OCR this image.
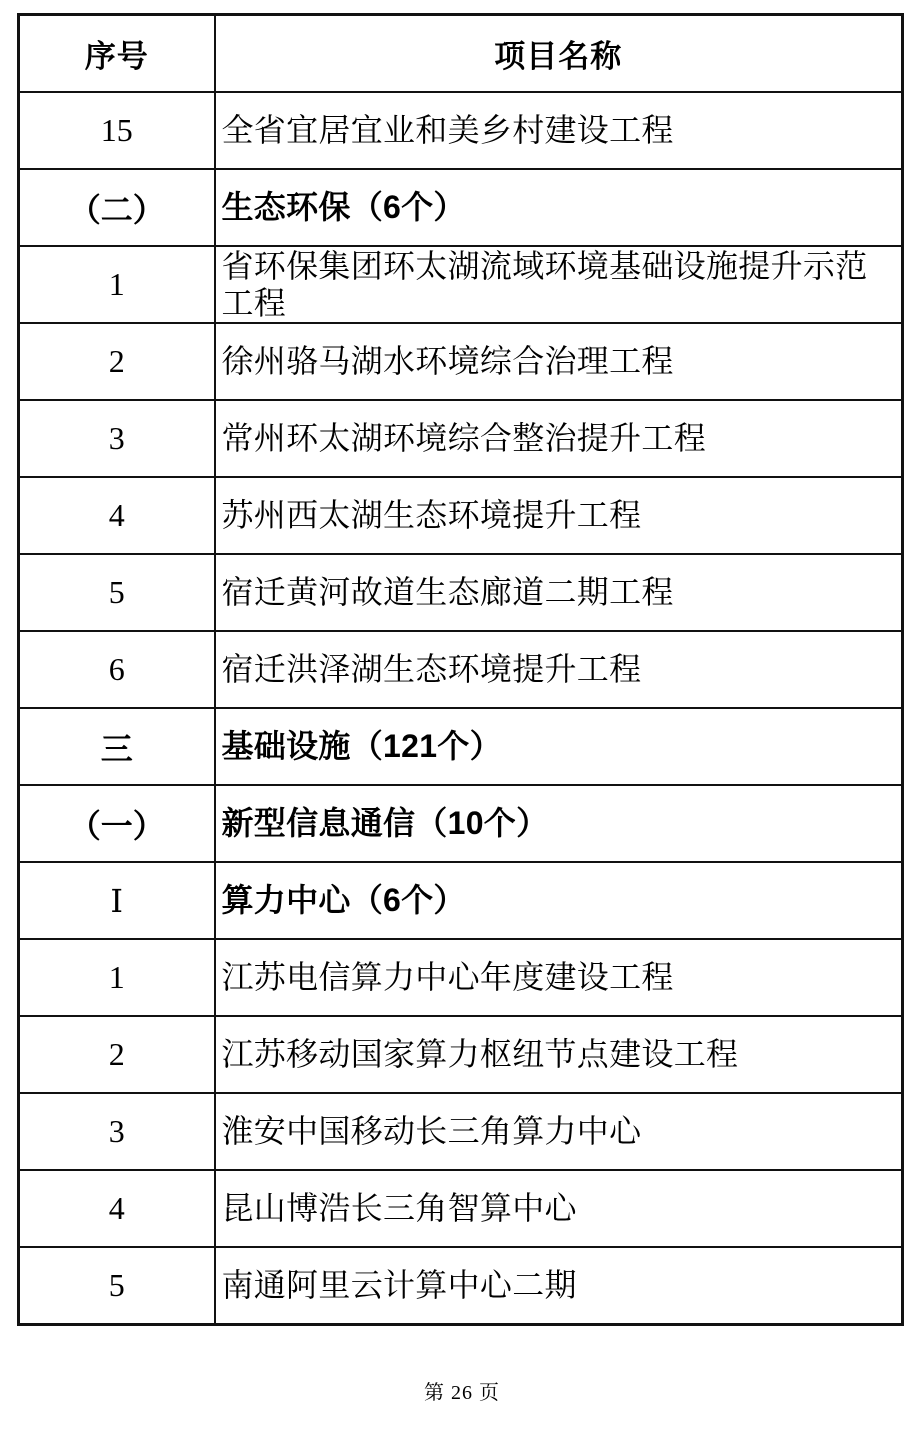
序号	项目名称
15	全省宜居宜业和美乡村建设工程
（二）	生态环保（6个）
1	省环保集团环太湖流域环境基础设施提升示范工程
2	徐州骆马湖水环境综合治理工程
3	常州环太湖环境综合整治提升工程
4	苏州西太湖生态环境提升工程
5	宿迁黄河故道生态廊道二期工程
6	宿迁洪泽湖生态环境提升工程
三	基础设施（121个）
（一）	新型信息通信（10个）
Ⅰ	算力中心（6个）
1	江苏电信算力中心年度建设工程
2	江苏移动国家算力枢纽节点建设工程
3	淮安中国移动长三角算力中心
4	昆山博浩长三角智算中心
5	南通阿里云计算中心二期
第 26 页
